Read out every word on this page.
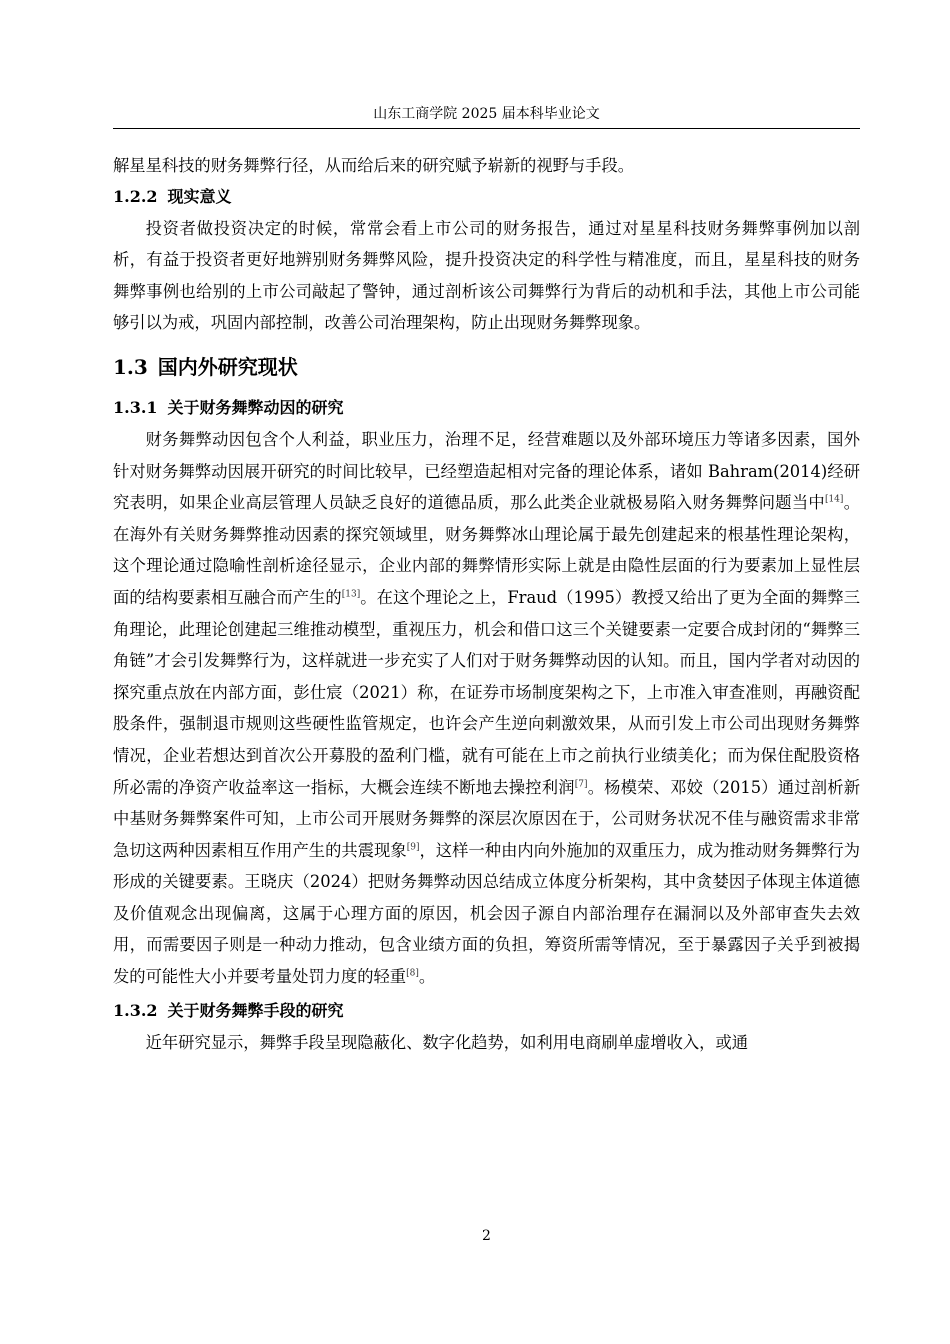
山东工商学院 2025 届本科毕业论文

解星星科技的财务舞弊行径，从而给后来的研究赋予崭新的视野与手段。

1.2.2 现实意义

投资者做投资决定的时候，常常会看上市公司的财务报告，通过对星星科技财务舞弊事例加以剖析，有益于投资者更好地辨别财务舞弊风险，提升投资决定的科学性与精准度，而且，星星科技的财务舞弊事例也给别的上市公司敲起了警钟，通过剖析该公司舞弊行为背后的动机和手法，其他上市公司能够引以为戒，巩固内部控制，改善公司治理架构，防止出现财务舞弊现象。

1.3 国内外研究现状
1.3.1 关于财务舞弊动因的研究

财务舞弊动因包含个人利益，职业压力，治理不足，经营难题以及外部环境压力等诸多因素，国外针对财务舞弊动因展开研究的时间比较早，已经塑造起相对完备的理论体系，诸如 Bahram(2014)经研究表明，如果企业高层管理人员缺乏良好的道德品质，那么此类企业就极易陷入财务舞弊问题当中[14]。在海外有关财务舞弊推动因素的探究领域里，财务舞弊冰山理论属于最先创建起来的根基性理论架构，这个理论通过隐喻性剖析途径显示，企业内部的舞弊情形实际上就是由隐性层面的行为要素加上显性层面的结构要素相互融合而产生的[13]。在这个理论之上，Fraud（1995）教授又给出了更为全面的舞弊三角理论，此理论创建起三维推动模型，重视压力，机会和借口这三个关键要素一定要合成封闭的“舞弊三角链”才会引发舞弊行为，这样就进一步充实了人们对于财务舞弊动因的认知。而且，国内学者对动因的探究重点放在内部方面，彭仕宸（2021）称，在证券市场制度架构之下，上市准入审查准则，再融资配股条件，强制退市规则这些硬性监管规定，也许会产生逆向刺激效果，从而引发上市公司出现财务舞弊情况，企业若想达到首次公开募股的盈利门槛，就有可能在上市之前执行业绩美化；而为保住配股资格所必需的净资产收益率这一指标，大概会连续不断地去操控利润[7]。杨模荣、邓姣（2015）通过剖析新中基财务舞弊案件可知，上市公司开展财务舞弊的深层次原因在于，公司财务状况不佳与融资需求非常急切这两种因素相互作用产生的共震现象[9]，这样一种由内向外施加的双重压力，成为推动财务舞弊行为形成的关键要素。王晓庆（2024）把财务舞弊动因总结成立体度分析架构，其中贪婪因子体现主体道德及价值观念出现偏离，这属于心理方面的原因，机会因子源自内部治理存在漏洞以及外部审查失去效用，而需要因子则是一种动力推动，包含业绩方面的负担，筹资所需等情况，至于暴露因子关乎到被揭发的可能性大小并要考量处罚力度的轻重[8]。

1.3.2 关于财务舞弊手段的研究

近年研究显示，舞弊手段呈现隐蔽化、数字化趋势，如利用电商刷单虚增收入，或通

2
